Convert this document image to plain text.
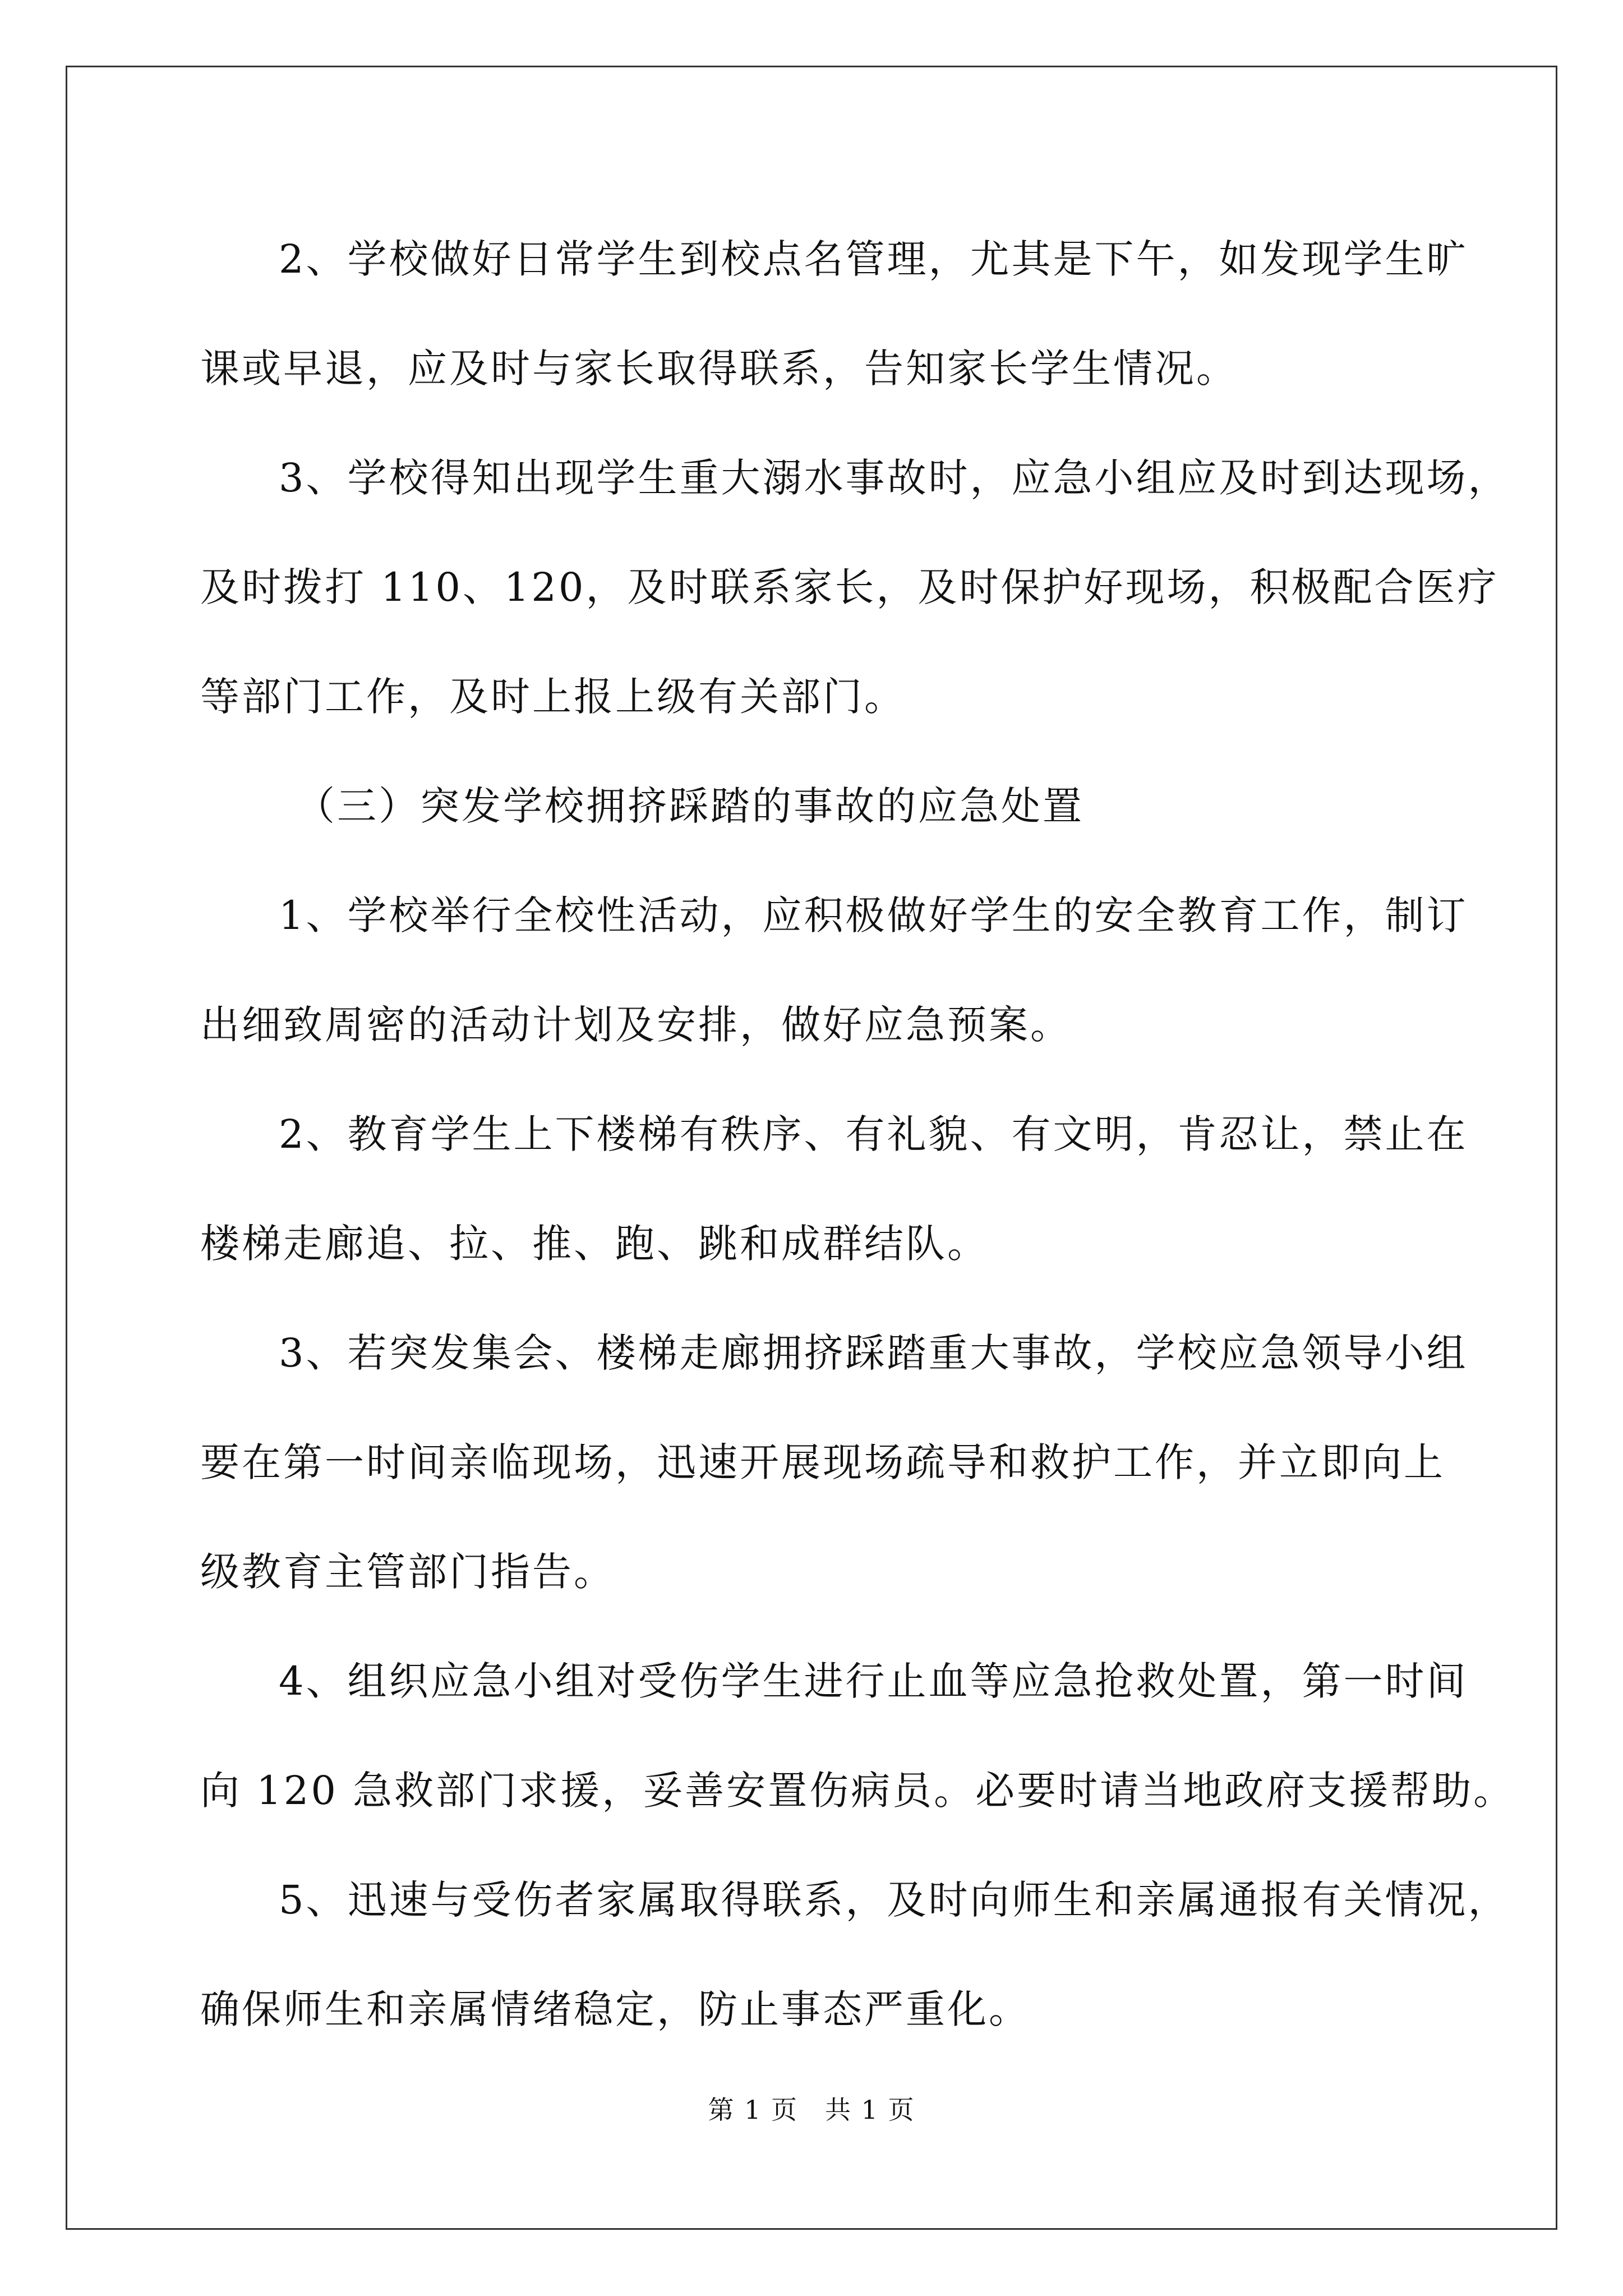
2、学校做好日常学生到校点名管理，尤其是下午，如发现学生旷
课或早退，应及时与家长取得联系，告知家长学生情况。
3、学校得知出现学生重大溺水事故时，应急小组应及时到达现场，
及时拨打 110、120，及时联系家长，及时保护好现场，积极配合医疗
等部门工作，及时上报上级有关部门。
（三）突发学校拥挤踩踏的事故的应急处置
1、学校举行全校性活动，应积极做好学生的安全教育工作，制订
出细致周密的活动计划及安排，做好应急预案。
2、教育学生上下楼梯有秩序、有礼貌、有文明，肯忍让，禁止在
楼梯走廊追、拉、推、跑、跳和成群结队。
3、若突发集会、楼梯走廊拥挤踩踏重大事故，学校应急领导小组
要在第一时间亲临现场，迅速开展现场疏导和救护工作，并立即向上
级教育主管部门指告。
4、组织应急小组对受伤学生进行止血等应急抢救处置，第一时间
向 120 急救部门求援，妥善安置伤病员。必要时请当地政府支援帮助。
5、迅速与受伤者家属取得联系，及时向师生和亲属通报有关情况，
确保师生和亲属情绪稳定，防止事态严重化。
第 1 页　共 1 页
